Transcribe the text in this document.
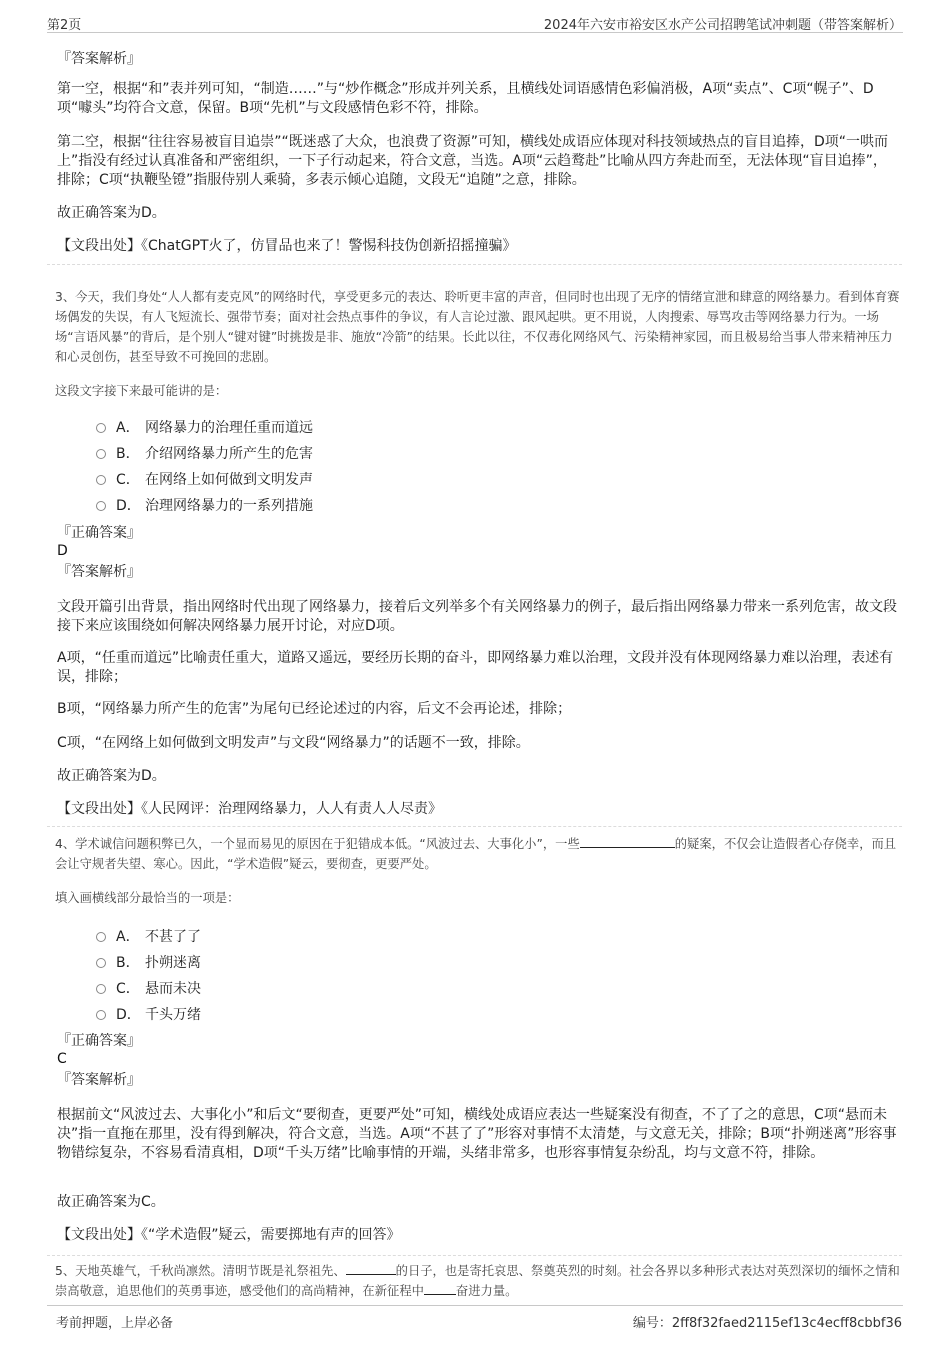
第2页	2024年六安市裕安区水产公司招聘笔试冲刺题（带答案解析）
『答案解析』

第一空，根据“和”表并列可知，“制造……”与“炒作概念”形成并列关系，且横线处词语感情色彩偏消极，A项“卖点”、C项“幌子”、D项“噱头”均符合文意，保留。B项“先机”与文段感情色彩不符，排除。

第二空，根据“往往容易被盲目追崇”“既迷惑了大众，也浪费了资源”可知，横线处成语应体现对科技领域热点的盲目追捧，D项“一哄而上”指没有经过认真准备和严密组织，一下子行动起来，符合文意，当选。A项“云趋鹜赴”比喻从四方奔赴而至，无法体现“盲目追捧”，排除；C项“执鞭坠镫”指服侍别人乘骑，多表示倾心追随，文段无“追随”之意，排除。

故正确答案为D。

【文段出处】《ChatGPT火了，仿冒品也来了！警惕科技伪创新招摇撞骗》

3、今天，我们身处“人人都有麦克风”的网络时代，享受更多元的表达、聆听更丰富的声音，但同时也出现了无序的情绪宣泄和肆意的网络暴力。看到体育赛场偶发的失误，有人飞短流长、强带节奏；面对社会热点事件的争议，有人言论过激、跟风起哄。更不用说，人肉搜索、辱骂攻击等网络暴力行为。一场场“言语风暴”的背后，是个别人“键对键”时挑拨是非、施放“冷箭”的结果。长此以往，不仅毒化网络风气、污染精神家园，而且极易给当事人带来精神压力和心灵创伤，甚至导致不可挽回的悲剧。

这段文字接下来最可能讲的是：

A． 网络暴力的治理任重而道远
B． 介绍网络暴力所产生的危害
C． 在网络上如何做到文明发声
D． 治理网络暴力的一系列措施
『正确答案』
D
『答案解析』

文段开篇引出背景，指出网络时代出现了网络暴力，接着后文列举多个有关网络暴力的例子，最后指出网络暴力带来一系列危害，故文段接下来应该围绕如何解决网络暴力展开讨论，对应D项。

A项，“任重而道远”比喻责任重大，道路又遥远，要经历长期的奋斗，即网络暴力难以治理，文段并没有体现网络暴力难以治理，表述有误，排除；

B项，“网络暴力所产生的危害”为尾句已经论述过的内容，后文不会再论述，排除；

C项，“在网络上如何做到文明发声”与文段“网络暴力”的话题不一致，排除。

故正确答案为D。

【文段出处】《人民网评：治理网络暴力，人人有责人人尽责》

4、学术诚信问题积弊已久，一个显而易见的原因在于犯错成本低。“风波过去、大事化小”，一些	的疑案，不仅会让造假者心存侥幸，而且会让守规者失望、寒心。因此，“学术造假”疑云，要彻查，更要严处。

填入画横线部分最恰当的一项是：

A． 不甚了了
B． 扑朔迷离
C． 悬而未决
D． 千头万绪
『正确答案』
C
『答案解析』

根据前文“风波过去、大事化小”和后文“要彻查，更要严处”可知，横线处成语应表达一些疑案没有彻查，不了了之的意思，C项“悬而未决”指一直拖在那里，没有得到解决，符合文意，当选。A项“不甚了了”形容对事情不太清楚，与文意无关，排除；B项“扑朔迷离”形容事物错综复杂，不容易看清真相，D项“千头万绪”比喻事情的开端，头绪非常多，也形容事情复杂纷乱，均与文意不符，排除。

故正确答案为C。

【文段出处】《“学术造假”疑云，需要掷地有声的回答》

5、天地英雄气，千秋尚凛然。清明节既是礼祭祖先、	的日子，也是寄托哀思、祭奠英烈的时刻。社会各界以多种形式表达对英烈深切的缅怀之情和崇高敬意，追思他们的英勇事迹，感受他们的高尚精神，在新征程中	奋进力量。

考前押题，上岸必备	编号：2ff8f32faed2115ef13c4ecff8cbbf36
